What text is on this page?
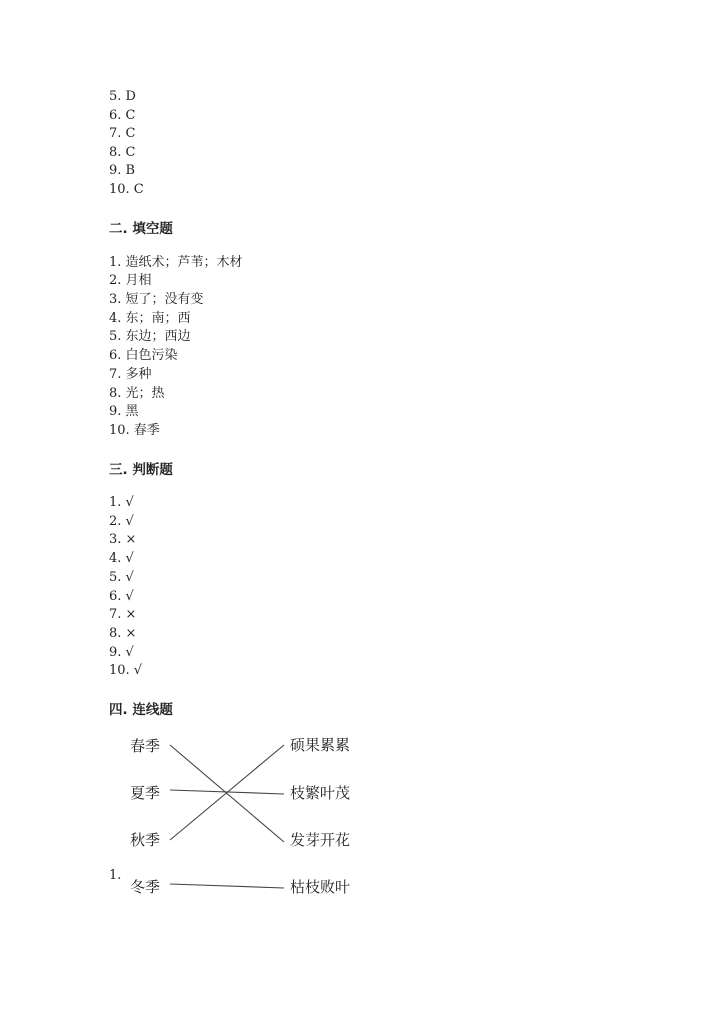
5. D
6. C
7. C
8. C
9. B
10. C
二. 填空题
1. 造纸术；芦苇；木材
2. 月相
3. 短了；没有变
4. 东；南；西
5. 东边；西边
6. 白色污染
7. 多种
8. 光；热
9. 黑
10. 春季
三. 判断题
1. √
2. √
3. ×
4. √
5. √
6. √
7. ×
8. ×
9. √
10. √
四. 连线题
1.
春季
夏季
秋季
冬季
硕果累累
枝繁叶茂
发芽开花
枯枝败叶
